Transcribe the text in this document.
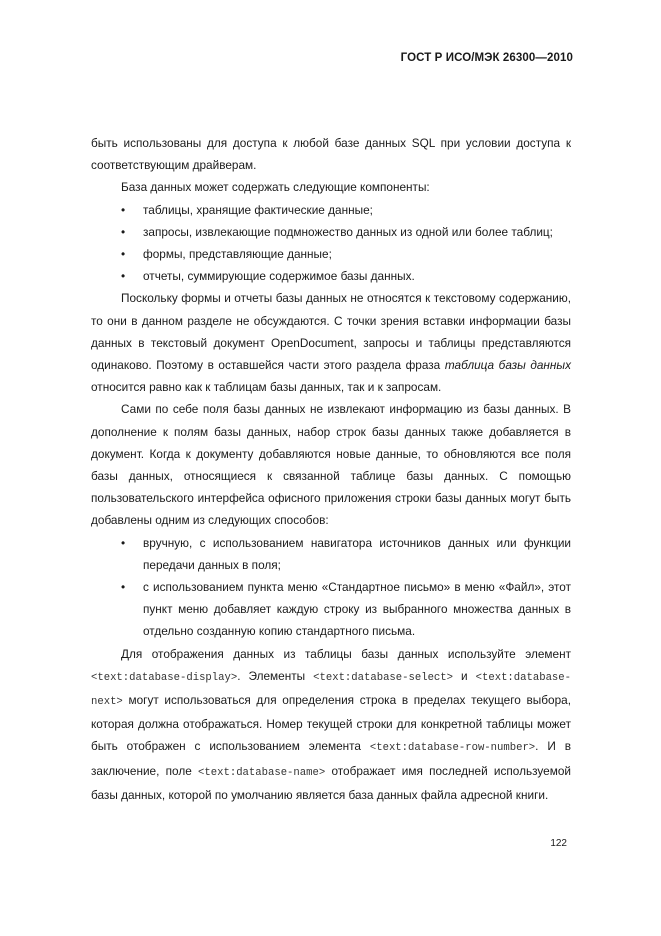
ГОСТ Р ИСО/МЭК 26300—2010

быть использованы для доступа к любой базе данных SQL при условии доступа к соответствующим драйверам.

База данных может содержать следующие компоненты:

• таблицы, хранящие фактические данные;
• запросы, извлекающие подмножество данных из одной или более таблиц;
• формы, представляющие данные;
• отчеты, суммирующие содержимое базы данных.

Поскольку формы и отчеты базы данных не относятся к текстовому содержанию, то они в данном разделе не обсуждаются. С точки зрения вставки информации базы данных в текстовый документ OpenDocument, запросы и таблицы представляются одинаково. Поэтому в оставшейся части этого раздела фраза таблица базы данных относится равно как к таблицам базы данных, так и к запросам.

Сами по себе поля базы данных не извлекают информацию из базы данных. В дополнение к полям базы данных, набор строк базы данных также добавляется в документ. Когда к документу добавляются новые данные, то обновляются все поля базы данных, относящиеся к связанной таблице базы данных. С помощью пользовательского интерфейса офисного приложения строки базы данных могут быть добавлены одним из следующих способов:

• вручную, с использованием навигатора источников данных или функции передачи данных в поля;
• с использованием пункта меню «Стандартное письмо» в меню «Файл», этот пункт меню добавляет каждую строку из выбранного множества данных в отдельно созданную копию стандартного письма.

Для отображения данных из таблицы базы данных используйте элемент <text:database-display>. Элементы <text:database-select> и <text:database-next> могут использоваться для определения строка в пределах текущего выбора, которая должна отображаться. Номер текущей строки для конкретной таблицы может быть отображен с использованием элемента <text:database-row-number>. И в заключение, поле <text:database-name> отображает имя последней используемой базы данных, которой по умолчанию является база данных файла адресной книги.

122
